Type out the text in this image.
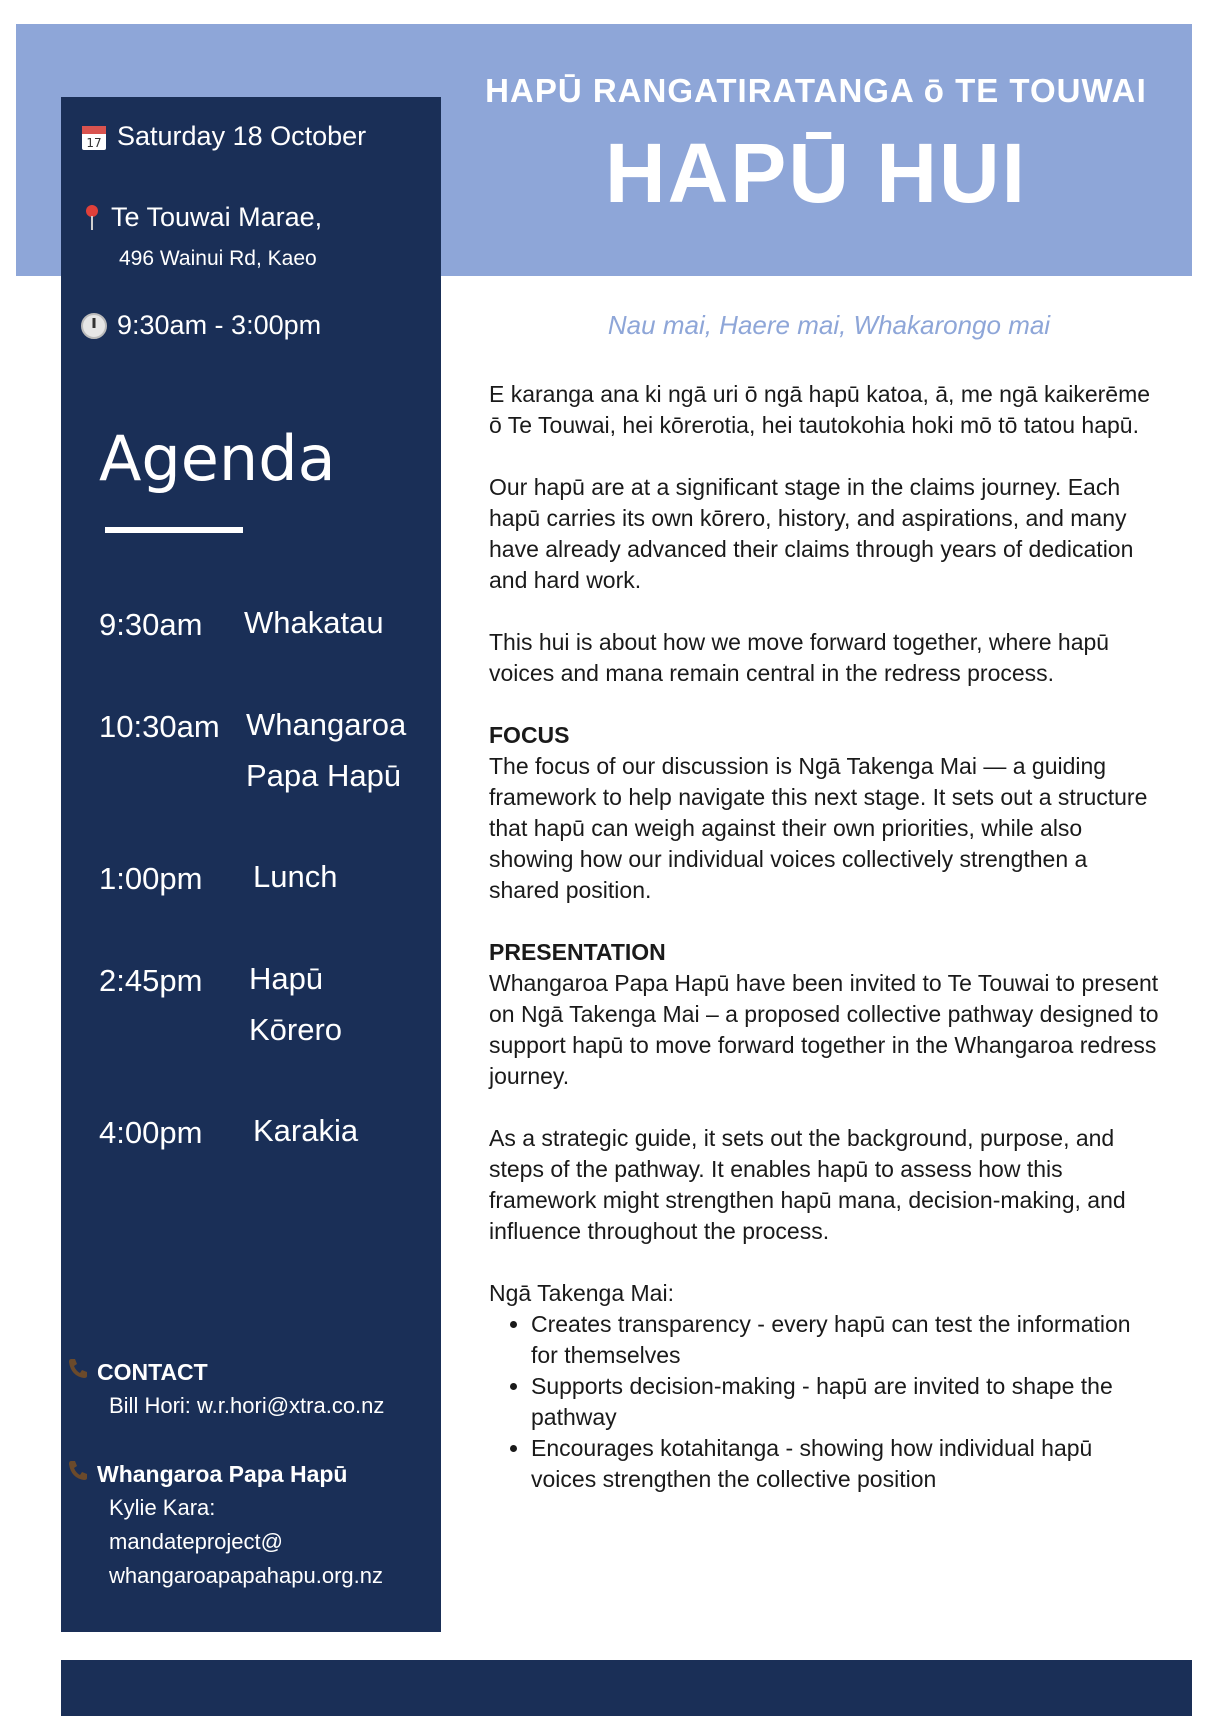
HAPŪ RANGATIRATANGA ō TE TOUWAI
HAPŪ HUI
17 Saturday 18 October
Te Touwai Marae,
496 Wainui Rd, Kaeo
9:30am - 3:00pm
Agenda
9:30am Whakatau
10:30am Whangaroa
Papa Hapū
1:00pm Lunch
2:45pm Hapū
Kōrero
4:00pm Karakia
CONTACT
Bill Hori: w.r.hori@xtra.co.nz
Whangaroa Papa Hapū
Kylie Kara:
mandateproject@
whangaroapapahapu.org.nz
Nau mai, Haere mai, Whakarongo mai

E karanga ana ki ngā uri ō ngā hapū katoa, ā, me ngā kaikerēme ō Te Touwai, hei kōrerotia, hei tautokohia hoki mō tō tatou hapū.

Our hapū are at a significant stage in the claims journey. Each hapū carries its own kōrero, history, and aspirations, and many have already advanced their claims through years of dedication and hard work.

This hui is about how we move forward together, where hapū voices and mana remain central in the redress process.

FOCUS
The focus of our discussion is Ngā Takenga Mai — a guiding framework to help navigate this next stage. It sets out a structure that hapū can weigh against their own priorities, while also showing how our individual voices collectively strengthen a shared position.

PRESENTATION
Whangaroa Papa Hapū have been invited to Te Touwai to present on Ngā Takenga Mai – a proposed collective pathway designed to support hapū to move forward together in the Whangaroa redress journey.

As a strategic guide, it sets out the background, purpose, and steps of the pathway. It enables hapū to assess how this framework might strengthen hapū mana, decision-making, and influence throughout the process.

Ngā Takenga Mai:

• Creates transparency - every hapū can test the information for themselves
• Supports decision-making - hapū are invited to shape the pathway
• Encourages kotahitanga - showing how individual hapū voices strengthen the collective position
